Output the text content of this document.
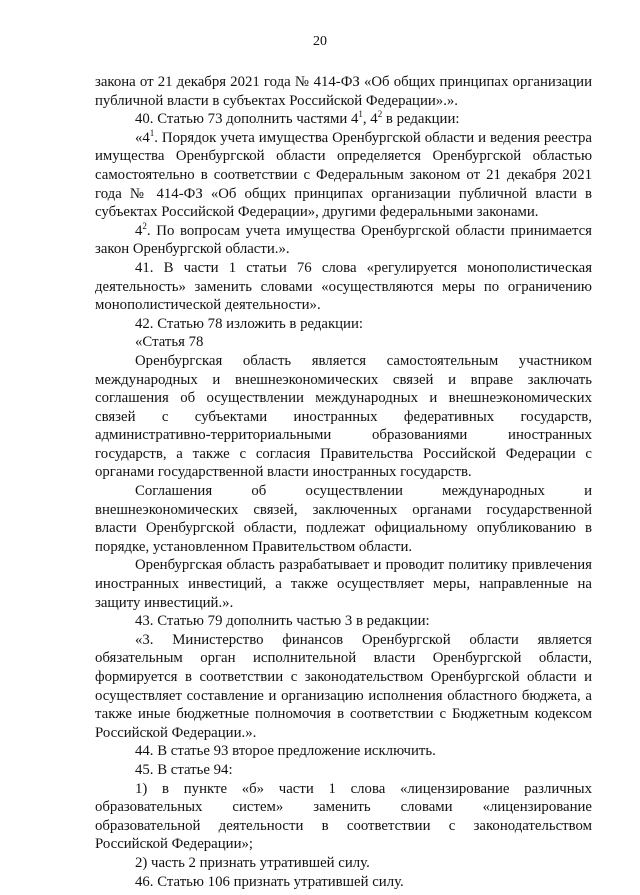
20

закона от 21 декабря 2021 года № 414-ФЗ «Об общих принципах организации публичной власти в субъектах Российской Федерации».».

40. Статью 73 дополнить частями $4^1$, $4^2$ в редакции:

«$4^1$. Порядок учета имущества Оренбургской области и ведения реестра имущества Оренбургской области определяется Оренбургской областью самостоятельно в соответствии с Федеральным законом от 21 декабря 2021 года № 414-ФЗ «Об общих принципах организации публичной власти в субъектах Российской Федерации», другими федеральными законами.

$4^2$. По вопросам учета имущества Оренбургской области принимается закон Оренбургской области.».

41. В части 1 статьи 76 слова «регулируется монополистическая деятельность» заменить словами «осуществляются меры по ограничению монополистической деятельности».

42. Статью 78 изложить в редакции:

«Статья 78

Оренбургская область является самостоятельным участником международных и внешнеэкономических связей и вправе заключать соглашения об осуществлении международных и внешнеэкономических связей с субъектами иностранных федеративных государств, административно-территориальными образованиями иностранных государств, а также с согласия Правительства Российской Федерации с органами государственной власти иностранных государств.

Соглашения об осуществлении международных и внешнеэкономических связей, заключенных органами государственной власти Оренбургской области, подлежат официальному опубликованию в порядке, установленном Правительством области.

Оренбургская область разрабатывает и проводит политику привлечения иностранных инвестиций, а также осуществляет меры, направленные на защиту инвестиций.».

43. Статью 79 дополнить частью 3 в редакции:

«3. Министерство финансов Оренбургской области является обязательным орган исполнительной власти Оренбургской области, формируется в соответствии с законодательством Оренбургской области и осуществляет составление и организацию исполнения областного бюджета, а также иные бюджетные полномочия в соответствии с Бюджетным кодексом Российской Федерации.».

44. В статье 93 второе предложение исключить.

45. В статье 94:

1) в пункте «б» части 1 слова «лицензирование различных образовательных систем» заменить словами «лицензирование образовательной деятельности в соответствии с законодательством Российской Федерации»;

2) часть 2 признать утратившей силу.

46. Статью 106 признать утратившей силу.
